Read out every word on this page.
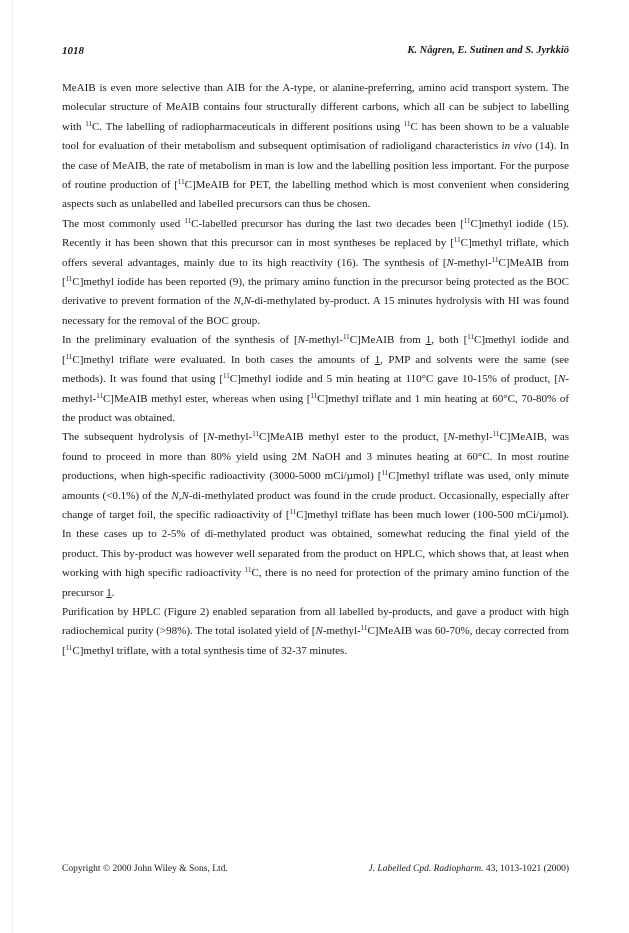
1018	K. Någren, E. Sutinen and S. Jyrkkiö

MeAIB is even more selective than AIB for the A-type, or alanine-preferring, amino acid transport system. The molecular structure of MeAIB contains four structurally different carbons, which all can be subject to labelling with $^{11}$C. The labelling of radiopharmaceuticals in different positions using $^{11}$C has been shown to be a valuable tool for evaluation of their metabolism and subsequent optimisation of radioligand characteristics in vivo (14). In the case of MeAIB, the rate of metabolism in man is low and the labelling position less important. For the purpose of routine production of [$^{11}$C]MeAIB for PET, the labelling method which is most convenient when considering aspects such as unlabelled and labelled precursors can thus be chosen.

The most commonly used $^{11}$C-labelled precursor has during the last two decades been [$^{11}$C]methyl iodide (15). Recently it has been shown that this precursor can in most syntheses be replaced by [$^{11}$C]methyl triflate, which offers several advantages, mainly due to its high reactivity (16). The synthesis of [N-methyl-$^{11}$C]MeAIB from [$^{11}$C]methyl iodide has been reported (9), the primary amino function in the precursor being protected as the BOC derivative to prevent formation of the N,N-di-methylated by-product. A 15 minutes hydrolysis with HI was found necessary for the removal of the BOC group.

In the preliminary evaluation of the synthesis of [N-methyl-$^{11}$C]MeAIB from 1, both [$^{11}$C]methyl iodide and [$^{11}$C]methyl triflate were evaluated. In both cases the amounts of 1, PMP and solvents were the same (see methods). It was found that using [$^{11}$C]methyl iodide and 5 min heating at 110°C gave 10-15% of product, [N-methyl-$^{11}$C]MeAIB methyl ester, whereas when using [$^{11}$C]methyl triflate and 1 min heating at 60°C, 70-80% of the product was obtained.

The subsequent hydrolysis of [N-methyl-$^{11}$C]MeAIB methyl ester to the product, [N-methyl-$^{11}$C]MeAIB, was found to proceed in more than 80% yield using 2M NaOH and 3 minutes heating at 60°C. In most routine productions, when high-specific radioactivity (3000-5000 mCi/µmol) [$^{11}$C]methyl triflate was used, only minute amounts (<0.1%) of the N,N-di-methylated product was found in the crude product. Occasionally, especially after change of target foil, the specific radioactivity of [$^{11}$C]methyl triflate has been much lower (100-500 mCi/µmol). In these cases up to 2-5% of di-methylated product was obtained, somewhat reducing the final yield of the product. This by-product was however well separated from the product on HPLC, which shows that, at least when working with high specific radioactivity $^{11}$C, there is no need for protection of the primary amino function of the precursor 1.

Purification by HPLC (Figure 2) enabled separation from all labelled by-products, and gave a product with high radiochemical purity (>98%). The total isolated yield of [N-methyl-$^{11}$C]MeAIB was 60-70%, decay corrected from [$^{11}$C]methyl triflate, with a total synthesis time of 32-37 minutes.

Copyright © 2000 John Wiley & Sons, Ltd.	J. Labelled Cpd. Radiopharm. 43, 1013-1021 (2000)
